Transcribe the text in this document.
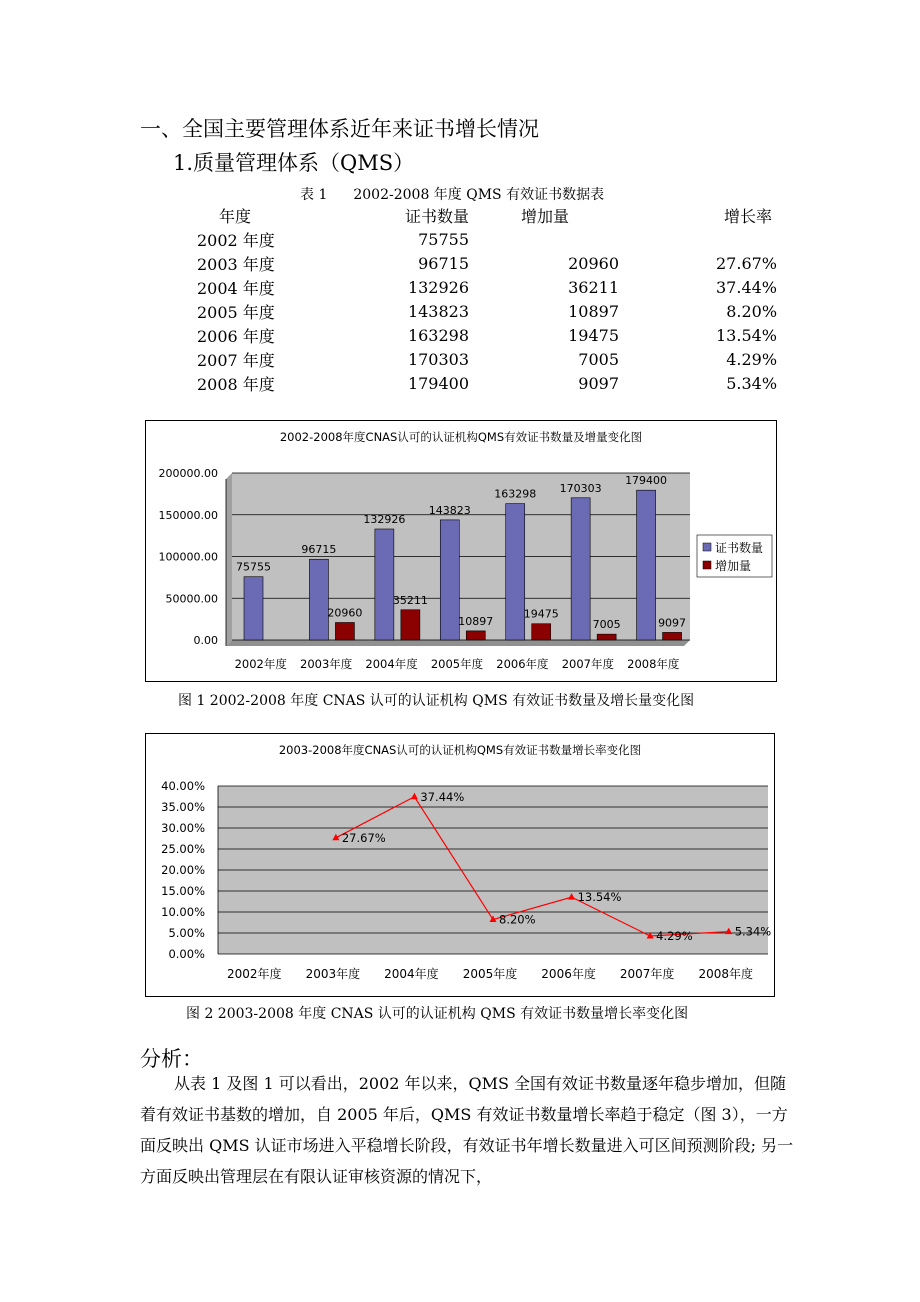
一、全国主要管理体系近年来证书增长情况
1.质量管理体系（QMS）
表 1 2002-2008 年度 QMS 有效证书数据表
年度	证书数量	增加量	增长率
2002 年度	75755		
2003 年度	96715	20960	27.67%
2004 年度	132926	36211	37.44%
2005 年度	143823	10897	8.20%
2006 年度	163298	19475	13.54%
2007 年度	170303	7005	4.29%
2008 年度	179400	9097	5.34%
2002-2008年度CNAS认可的认证机构QMS有效证书数量及增量变化图
0.00
50000.00
100000.00
150000.00
200000.00
2002年度 2003年度 2004年度 2005年度 2006年度 2007年度 2008年度
75755
96715
132926
143823
163298 170303
179400
20960
35211
10897
19475
7005	9097
证书数量
增加量
图 1 2002-2008 年度 CNAS 认可的认证机构 QMS 有效证书数量及增长量变化图
2003-2008年度CNAS认可的认证机构QMS有效证书数量增长率变化图
0.00%
5.00%
10.00%
15.00%
20.00%
25.00%
30.00%
35.00%
40.00%
2002年度 2003年度 2004年度 2005年度 2006年度 2007年度 2008年度
27.67%
37.44%
8.20%
13.54%
4.29%	5.34%
图 2 2003-2008 年度 CNAS 认可的认证机构 QMS 有效证书数量增长率变化图
分析：
从表 1 及图 1 可以看出，2002 年以来，QMS 全国有效证书数量逐年稳步增加，但随着有效证书基数的增加，自 2005 年后，QMS 有效证书数量增长率趋于稳定（图 3），一方面反映出 QMS 认证市场进入平稳增长阶段，有效证书年增长数量进入可区间预测阶段; 另一方面反映出管理层在有限认证审核资源的情况下，
